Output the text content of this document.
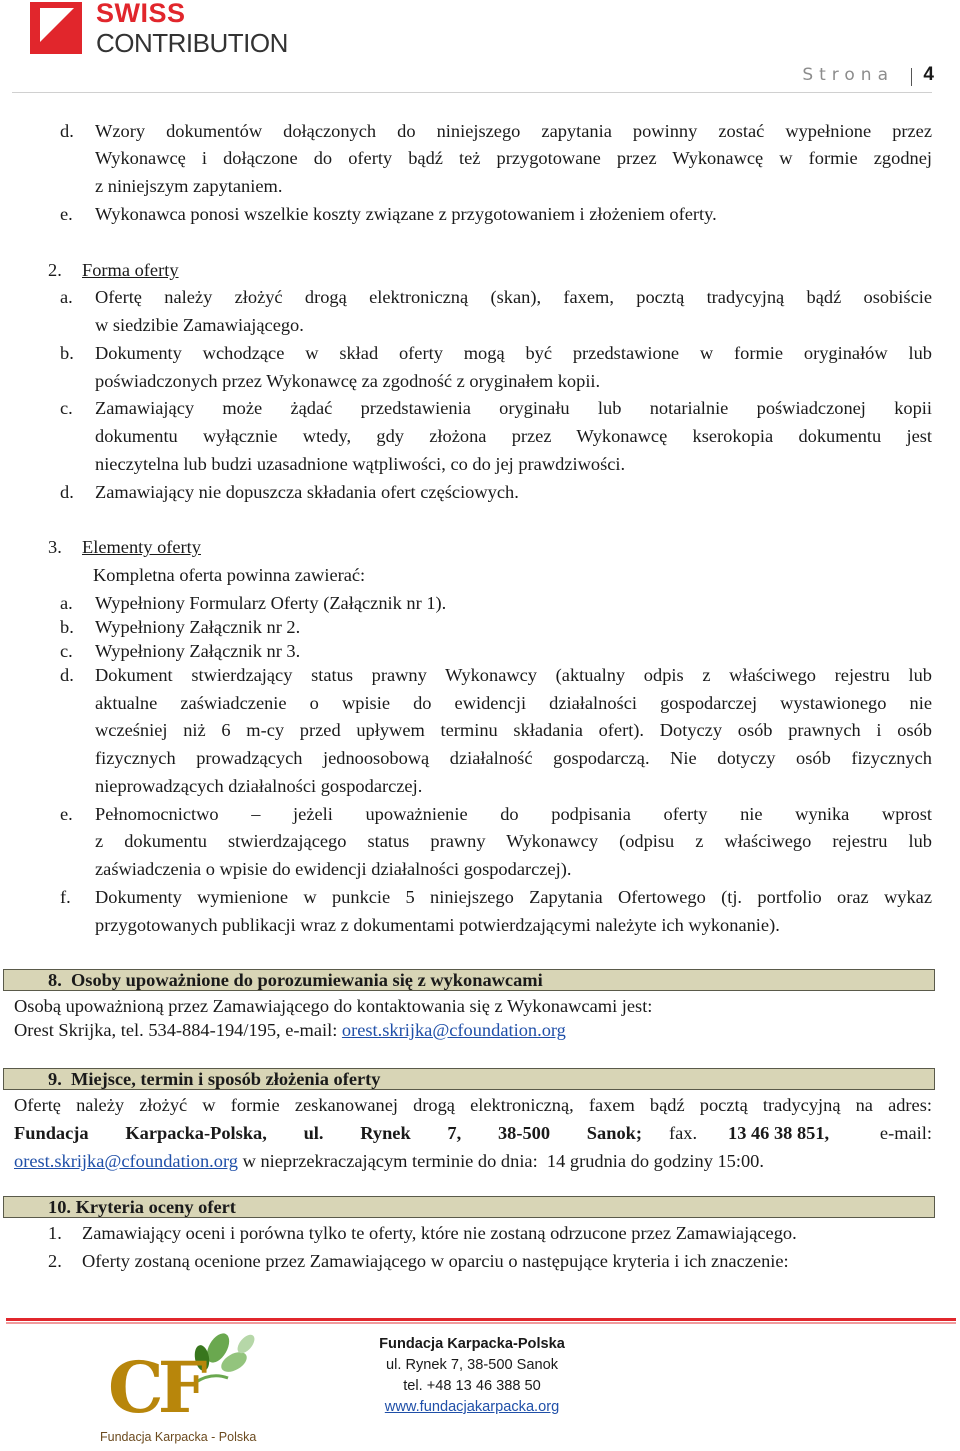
SWISS
CONTRIBUTION
Strona 4
d. Wzory dokumentów dołączonych do niniejszego zapytania powinny zostać wypełnione przez
Wykonawcę i dołączone do oferty bądź też przygotowane przez Wykonawcę w formie zgodnej
z niniejszym zapytaniem.
e. Wykonawca ponosi wszelkie koszty związane z przygotowaniem i złożeniem oferty.
2. Forma oferty
a. Ofertę należy złożyć drogą elektroniczną (skan), faxem, pocztą tradycyjną bądź osobiście
w siedzibie Zamawiającego.
b. Dokumenty wchodzące w skład oferty mogą być przedstawione w formie oryginałów lub
poświadczonych przez Wykonawcę za zgodność z oryginałem kopii.
c. Zamawiający może żądać przedstawienia oryginału lub notarialnie poświadczonej kopii
dokumentu wyłącznie wtedy, gdy złożona przez Wykonawcę kserokopia dokumentu jest
nieczytelna lub budzi uzasadnione wątpliwości, co do jej prawdziwości.
d. Zamawiający nie dopuszcza składania ofert częściowych.
3. Elementy oferty
Kompletna oferta powinna zawierać:
a. Wypełniony Formularz Oferty (Załącznik nr 1).
b. Wypełniony Załącznik nr 2.
c. Wypełniony Załącznik nr 3.
d. Dokument stwierdzający status prawny Wykonawcy (aktualny odpis z właściwego rejestru lub
aktualne zaświadczenie o wpisie do ewidencji działalności gospodarczej wystawionego nie
wcześniej niż 6 m-cy przed upływem terminu składania ofert). Dotyczy osób prawnych i osób
fizycznych prowadzących jednoosobową działalność gospodarczą. Nie dotyczy osób fizycznych
nieprowadzących działalności gospodarczej.
e. Pełnomocnictwo – jeżeli upoważnienie do podpisania oferty nie wynika wprost
z dokumentu stwierdzającego status prawny Wykonawcy (odpisu z właściwego rejestru lub
zaświadczenia o wpisie do ewidencji działalności gospodarczej).
f. Dokumenty wymienione w punkcie 5 niniejszego Zapytania Ofertowego (tj. portfolio oraz wykaz
przygotowanych publikacji wraz z dokumentami potwierdzającymi należyte ich wykonanie).
8.  Osoby upoważnione do porozumiewania się z wykonawcami
Osobą upoważnioną przez Zamawiającego do kontaktowania się z Wykonawcami jest:
Orest Skrijka, tel. 534-884-194/195, e-mail: orest.skrijka@cfoundation.org
9.  Miejsce, termin i sposób złożenia oferty
Ofertę należy złożyć w formie zeskanowanej drogą elektroniczną, faxem bądź pocztą tradycyjną na adres:
Fundacja Karpacka-Polska, ul. Rynek 7, 38-500 Sanok; fax. 13 46 38 851,	e-mail:
orest.skrijka@cfoundation.org w nieprzekraczającym terminie do dnia:  14 grudnia do godziny 15:00.
10. Kryteria oceny ofert
1. Zamawiający oceni i porówna tylko te oferty, które nie zostaną odrzucone przez Zamawiającego.
2. Oferty zostaną ocenione przez Zamawiającego w oparciu o następujące kryteria i ich znaczenie:
CF
Fundacja Karpacka - Polska
Fundacja Karpacka-Polska
ul. Rynek 7, 38-500 Sanok
tel. +48 13 46 388 50
www.fundacjakarpacka.org
